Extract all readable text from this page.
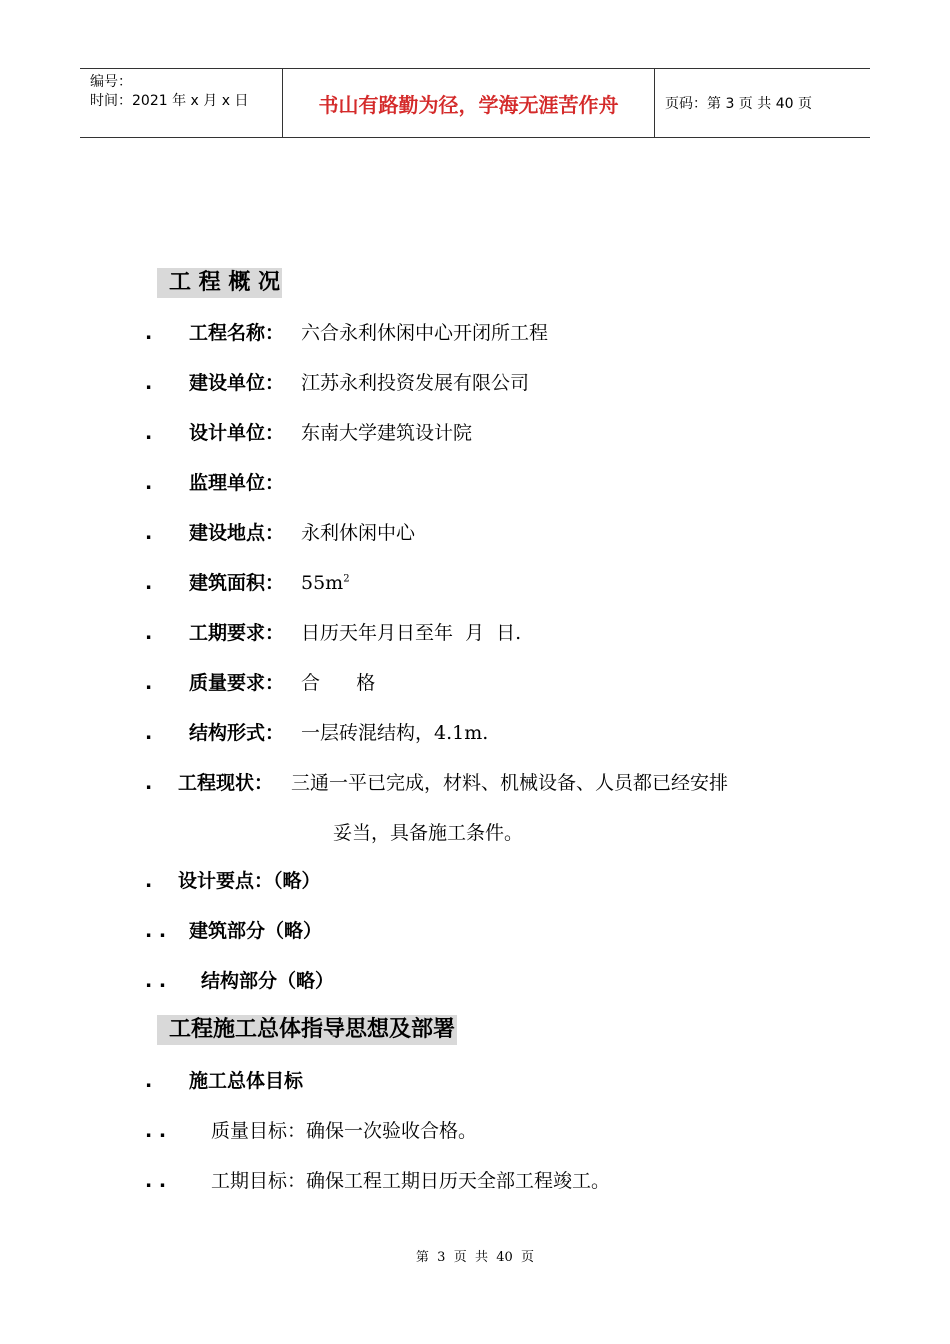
编号：
时间：2021 年 x 月 x 日	书山有路勤为径，学海无涯苦作舟	页码：第 3 页 共 40 页
工 程 概 况
. 工程名称： 六合永利休闲中心开闭所工程
. 建设单位： 江苏永利投资发展有限公司
. 设计单位： 东南大学建筑设计院
. 监理单位：
. 建设地点： 永利休闲中心
. 建筑面积： $55m^2$
. 工期要求： 日历天年月日至年  月  日.
. 质量要求： 合      格
. 结构形式： 一层砖混结构，4.1m.
. 工程现状： 三通一平已完成，材料、机械设备、人员都已经安排
妥当，具备施工条件。
. 设计要点：（略）
. . 建筑部分（略）
. . 结构部分（略）
工程施工总体指导思想及部署
. 施工总体目标
. . 质量目标：确保一次验收合格。
. . 工期目标：确保工程工期日历天全部工程竣工。
第  3  页  共  40  页
